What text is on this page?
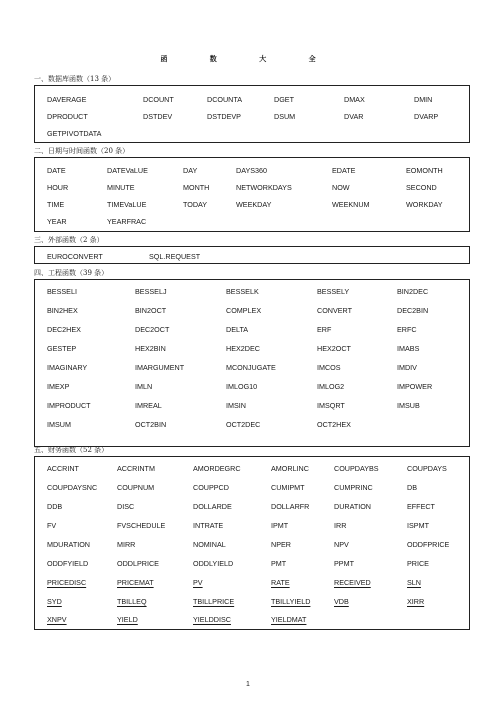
函 数 大 全
一、数据库函数（13 条）
DAVERAGE	DCOUNT	DCOUNTA	DGET	DMAX	DMIN
DPRODUCT	DSTDEV	DSTDEVP	DSUM	DVAR	DVARP
GETPIVOTDATA
二、日期与时间函数（20 条）
DATE	DATEVaLUE	DAY	DAYS360	EDATE	EOMONTH
HOUR	MINUTE	MONTH	NETWORKDAYS	NOW	SECOND
TIME	TIMEVaLUE	TODAY	WEEKDAY	WEEKNUM	WORKDAY
YEAR	YEARFRAC
三、外部函数（2 条）
EUROCONVERT	SQL.REQUEST
四、工程函数（39 条）
BESSELI	BESSELJ	BESSELK	BESSELY	BIN2DEC
BIN2HEX	BIN2OCT	COMPLEX	CONVERT	DEC2BIN
DEC2HEX	DEC2OCT	DELTA	ERF	ERFC
GESTEP	HEX2BIN	HEX2DEC	HEX2OCT	IMABS
IMAGINARY	IMARGUMENT	MCONJUGATE	IMCOS	IMDIV
IMEXP	IMLN	IMLOG10	IMLOG2	IMPOWER
IMPRODUCT	IMREAL	IMSIN	IMSQRT	IMSUB
IMSUM	OCT2BIN	OCT2DEC	OCT2HEX
五、财务函数（52 条）
ACCRINT	ACCRINTM	AMORDEGRC	AMORLINC	COUPDAYBS	COUPDAYS
COUPDAYSNC	COUPNUM	COUPPCD	CUMIPMT	CUMPRINC	DB
DDB	DISC	DOLLARDE	DOLLARFR	DURATION	EFFECT
FV	FVSCHEDULE	INTRATE	IPMT	IRR	ISPMT
MDURATION	MIRR	NOMINAL	NPER	NPV	ODDFPRICE
ODDFYIELD	ODDLPRICE	ODDLYIELD	PMT	PPMT	PRICE
PRICEDISC	PRICEMAT	PV	RATE	RECEIVED	SLN
SYD	TBILLEQ	TBILLPRICE	TBILLYIELD	VDB	XIRR
XNPV	YIELD	YIELDDISC	YIELDMAT
1
